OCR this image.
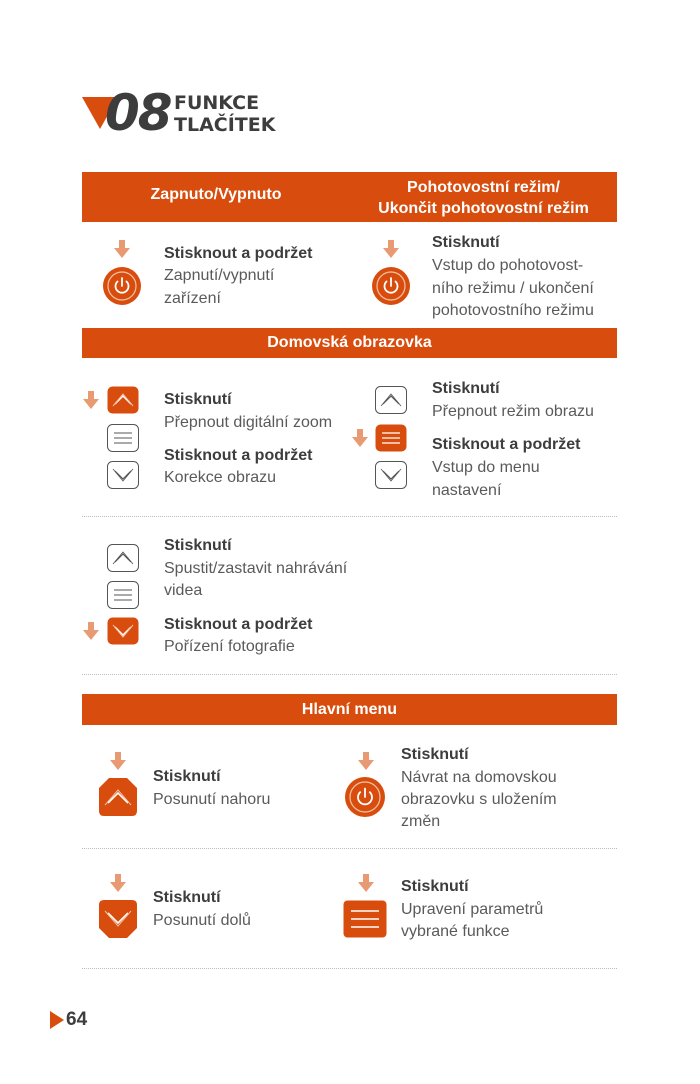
08 FUNKCE
TLAČÍTEK
Zapnuto/Vypnuto	Pohotovostní režim/
Ukončit pohotovostní režim
Stisknout a podržet
Zapnutí/vypnutí
zařízení
Stisknutí
Vstup do pohotovost-
ního režimu / ukončení
pohotovostního režimu
Domovská obrazovka
Stisknutí
Přepnout digitální zoom
Stisknout a podržet
Korekce obrazu
Stisknutí
Přepnout režim obrazu
Stisknout a podržet
Vstup do menu
nastavení
Stisknutí
Spustit/zastavit nahrávání
videa
Stisknout a podržet
Pořízení fotografie
Hlavní menu
Stisknutí
Posunutí nahoru
Stisknutí
Návrat na domovskou
obrazovku s uložením
změn
Stisknutí
Posunutí dolů
Stisknutí
Upravení parametrů
vybrané funkce
64
